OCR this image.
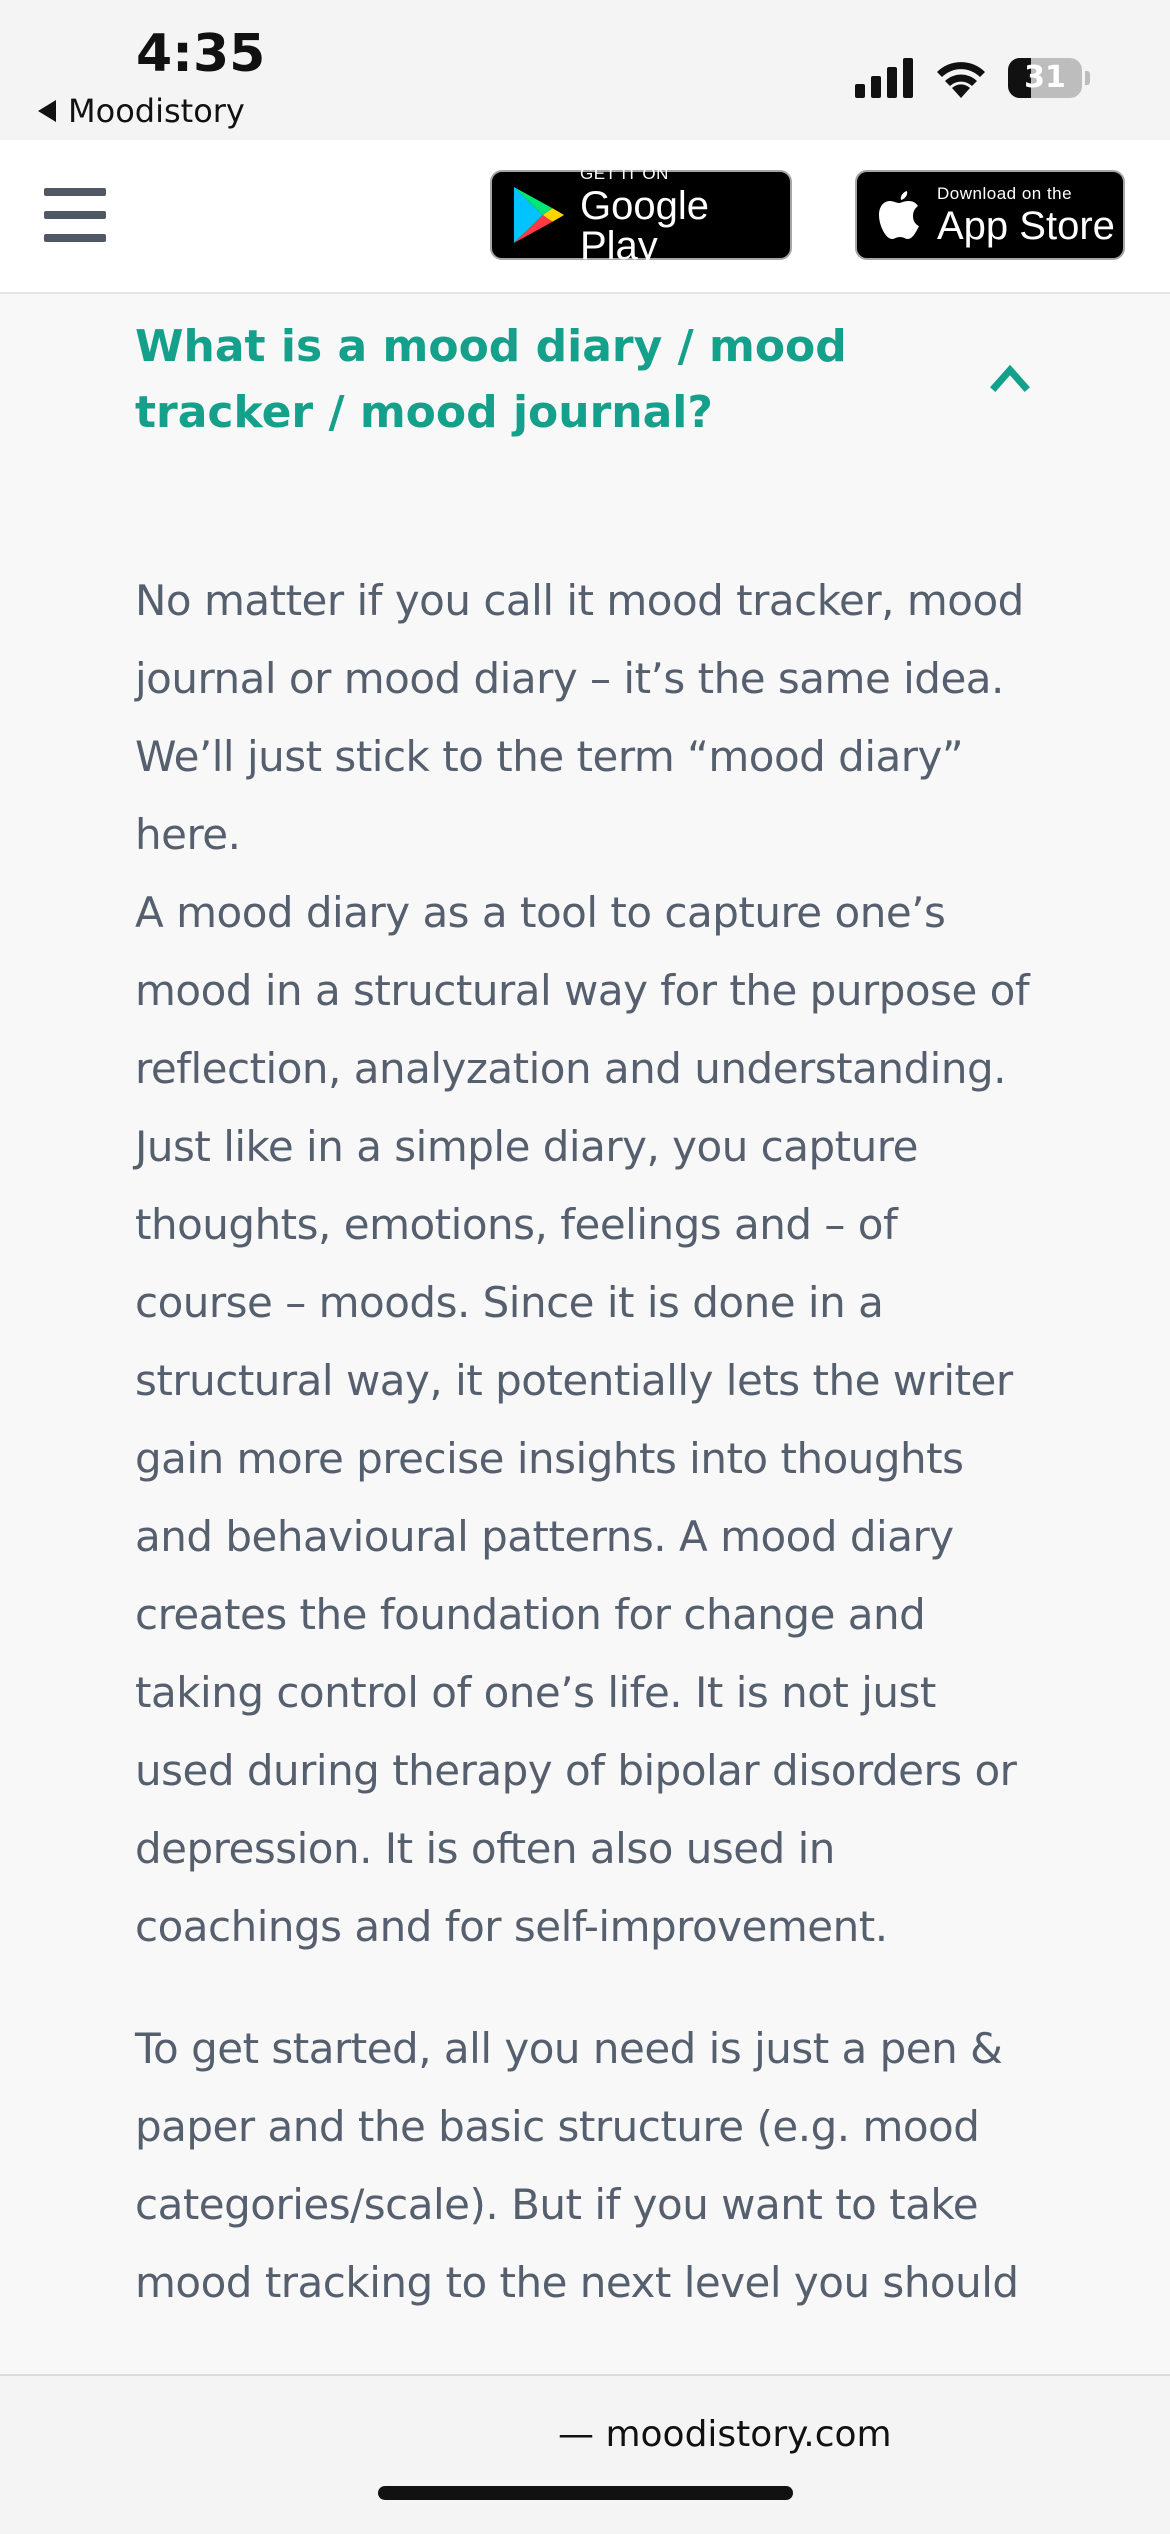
4:35
Moodistory
31
GET IT ON
Google Play
Download on the
App Store
What is a mood diary / mood tracker / mood journal?

No matter if you call it mood tracker, mood journal or mood diary – it’s the same idea. We’ll just stick to the term “mood diary” here.

A mood diary as a tool to capture one’s mood in a structural way for the purpose of reflection, analyzation and understanding. Just like in a simple diary, you capture thoughts, emotions, feelings and – of course – moods. Since it is done in a structural way, it potentially lets the writer gain more precise insights into thoughts and behavioural patterns. A mood diary creates the foundation for change and taking control of one’s life. It is not just used during therapy of bipolar disorders or depression. It is often also used in coachings and for self-improvement.

To get started, all you need is just a pen & paper and the basic structure (e.g. mood categories/scale). But if you want to take mood tracking to the next level you should

— moodistory.com
